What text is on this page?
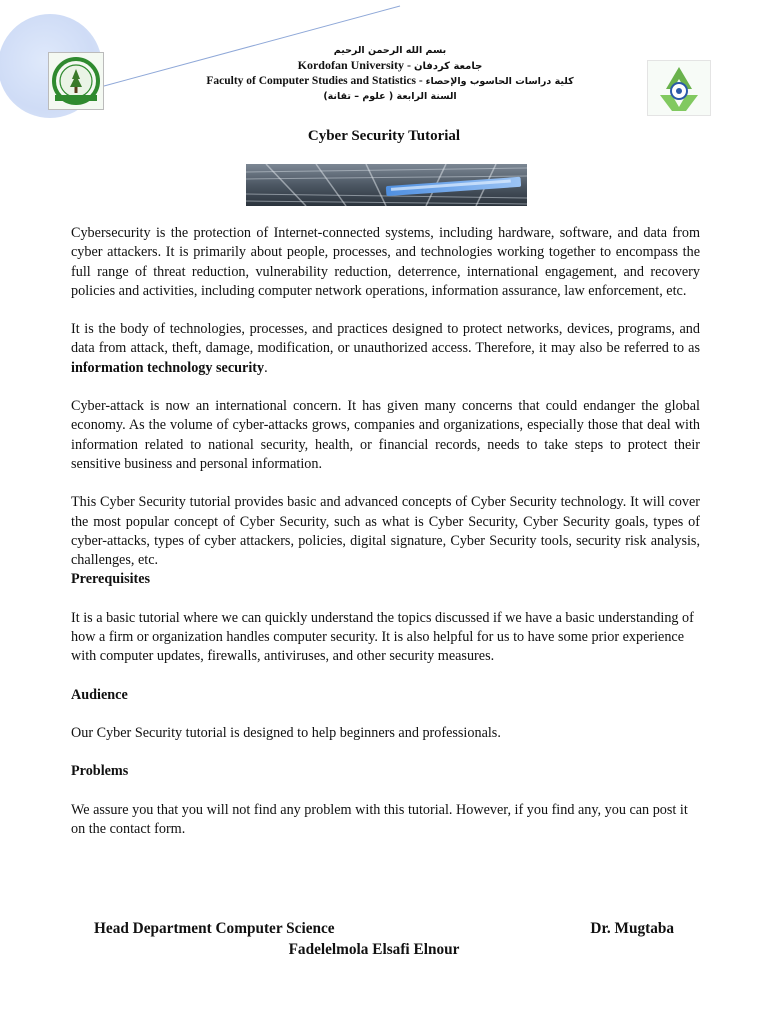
بسم الله الرحمن الرحيم
Kordofan University - جامعة كردفان
Faculty of Computer Studies and Statistics - كلية دراسات الحاسوب والإحصاء
السنة الرابعة ( علوم – تقانة)
Cyber Security Tutorial

Cybersecurity is the protection of Internet-connected systems, including hardware, software, and data from cyber attackers. It is primarily about people, processes, and technologies working together to encompass the full range of threat reduction, vulnerability reduction, deterrence, international engagement, and recovery policies and activities, including computer network operations, information assurance, law enforcement, etc.

It is the body of technologies, processes, and practices designed to protect networks, devices, programs, and data from attack, theft, damage, modification, or unauthorized access. Therefore, it may also be referred to as information technology security.

Cyber-attack is now an international concern. It has given many concerns that could endanger the global economy. As the volume of cyber-attacks grows, companies and organizations, especially those that deal with information related to national security, health, or financial records, needs to take steps to protect their sensitive business and personal information.

This Cyber Security tutorial provides basic and advanced concepts of Cyber Security technology. It will cover the most popular concept of Cyber Security, such as what is Cyber Security, Cyber Security goals, types of cyber-attacks, types of cyber attackers, policies, digital signature, Cyber Security tools, security risk analysis, challenges, etc.

Prerequisites

It is a basic tutorial where we can quickly understand the topics discussed if we have a basic understanding of how a firm or organization handles computer security. It is also helpful for us to have some prior experience with computer updates, firewalls, antiviruses, and other security measures.

Audience

Our Cyber Security tutorial is designed to help beginners and professionals.

Problems

We assure you that you will not find any problem with this tutorial. However, if you find any, you can post it on the contact form.

Head Department Computer Science	Dr. Mugtaba
Fadelelmola Elsafi Elnour
